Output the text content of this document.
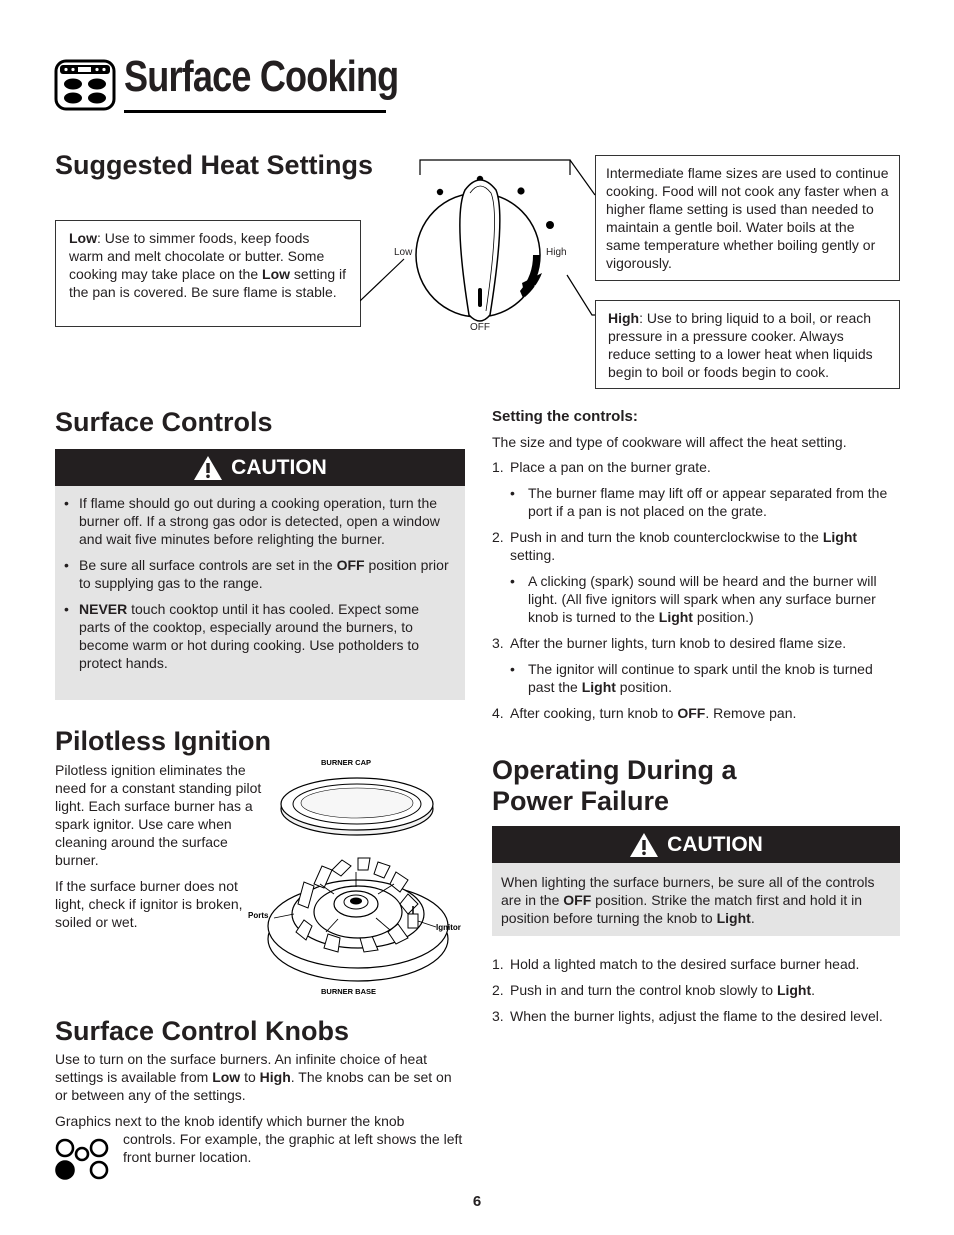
Surface Cooking
Suggested Heat Settings
Low: Use to simmer foods, keep foods warm and melt chocolate or butter. Some cooking may take place on the Low setting if the pan is covered. Be sure flame is stable.
Intermediate flame sizes are used to continue cooking. Food will not cook any faster when a higher flame setting is used than needed to maintain a gentle boil. Water boils at the same temperature whether boiling gently or vigorously.
High: Use to bring liquid to a boil, or reach pressure in a pressure cooker. Always reduce setting to a lower heat when liquids begin to boil or foods begin to cook.
Light
Low	High
OFF
Surface Controls
CAUTION
• If flame should go out during a cooking operation, turn the burner off. If a strong gas odor is detected, open a window and wait five minutes before relighting the burner.
• Be sure all surface controls are set in the OFF position prior to supplying gas to the range.
• NEVER touch cooktop until it has cooled. Expect some parts of the cooktop, especially around the burners, to become warm or hot during cooking. Use potholders to protect hands.
Setting the controls:

The size and type of cookware will affect the heat setting.

1. Place a pan on the burner grate.
• The burner flame may lift off or appear separated from the port if a pan is not placed on the grate.
2. Push in and turn the knob counterclockwise to the Light setting.
• A clicking (spark) sound will be heard and the burner will light. (All five ignitors will spark when any surface burner knob is turned to the Light position.)
3. After the burner lights, turn knob to desired flame size.
• The ignitor will continue to spark until the knob is turned past the Light position.
4. After cooking, turn knob to OFF. Remove pan.
Pilotless Ignition

Pilotless ignition eliminates the need for a constant standing pilot light. Each surface burner has a spark ignitor. Use care when cleaning around the surface burner.

If the surface burner does not light, check if ignitor is broken, soiled or wet.

BURNER CAP
Ports
Ignitor
BURNER BASE
Operating During a
Power Failure
CAUTION
When lighting the surface burners, be sure all of the controls are in the OFF position. Strike the match first and hold it in position before turning the knob to Light.
1. Hold a lighted match to the desired surface burner head.
2. Push in and turn the control knob slowly to Light.
3. When the burner lights, adjust the flame to the desired level.
Surface Control Knobs
Use to turn on the surface burners. An infinite choice of heat settings is available from Low to High. The knobs can be set on or between any of the settings.
Graphics next to the knob identify which burner the knob
controls. For example, the graphic at left shows the left front burner location.
6
